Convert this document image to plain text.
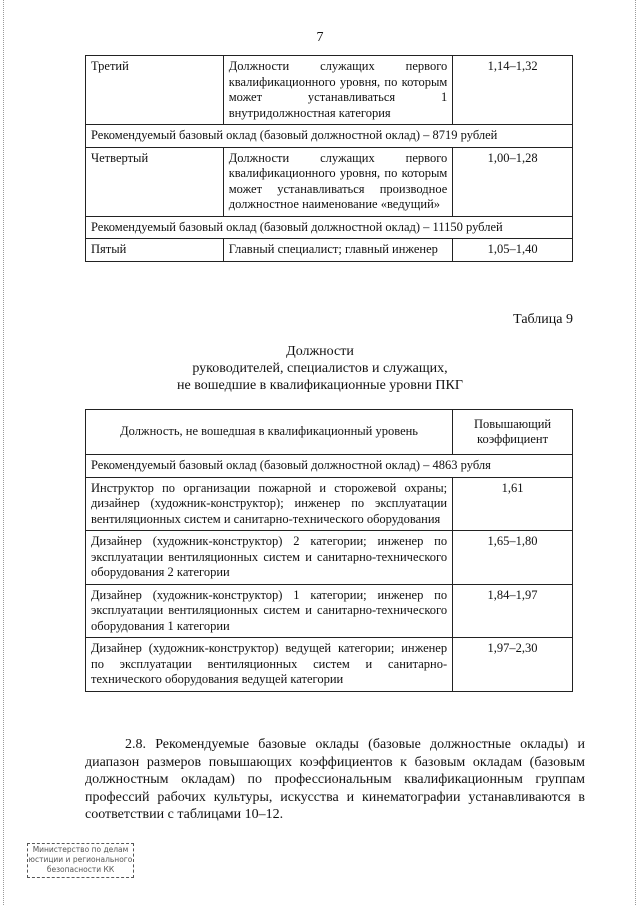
7
Третий	Должности служащих первого квалификационного уровня, по которым может устанавливаться 1 внутридолжностная категория	1,14–1,32
Рекомендуемый базовый оклад (базовый должностной оклад) – 8719 рублей		
Четвертый	Должности служащих первого квалификационного уровня, по которым может устанавливаться производное должностное наименование «ведущий»	1,00–1,28
Рекомендуемый базовый оклад (базовый должностной оклад) – 11150 рублей		
Пятый	Главный специалист; главный инженер	1,05–1,40
Таблица 9
Должности
руководителей, специалистов и служащих,
не вошедшие в квалификационные уровни ПКГ
Должность, не вошедшая в квалификационный уровень	Повышающий
коэффициент

Рекомендуемый базовый оклад (базовый должностной оклад) – 4863 рубля	

Инструктор по организации пожарной и сторожевой охраны; дизайнер (художник-конструктор); инженер по эксплуатации вентиляционных систем и санитарно-технического оборудования	1,61

Дизайнер (художник-конструктор) 2 категории; инженер по эксплуатации вентиляционных систем и санитарно-технического оборудования 2 категории	1,65–1,80

Дизайнер (художник-конструктор) 1 категории; инженер по эксплуатации вентиляционных систем и санитарно-технического оборудования 1 категории	1,84–1,97

Дизайнер (художник-конструктор) ведущей категории; инженер по эксплуатации вентиляционных систем и санитарно-технического оборудования ведущей категории	1,97–2,30
2.8. Рекомендуемые базовые оклады (базовые должностные оклады) и диапазон размеров повышающих коэффициентов к базовым окладам (базовым должностным окладам) по профессиональным квалификационным группам профессий рабочих культуры, искусства и кинематографии устанавливаются в соответствии с таблицами 10–12.
Министерство по делам
юстиции и регионального
безопасности КК
